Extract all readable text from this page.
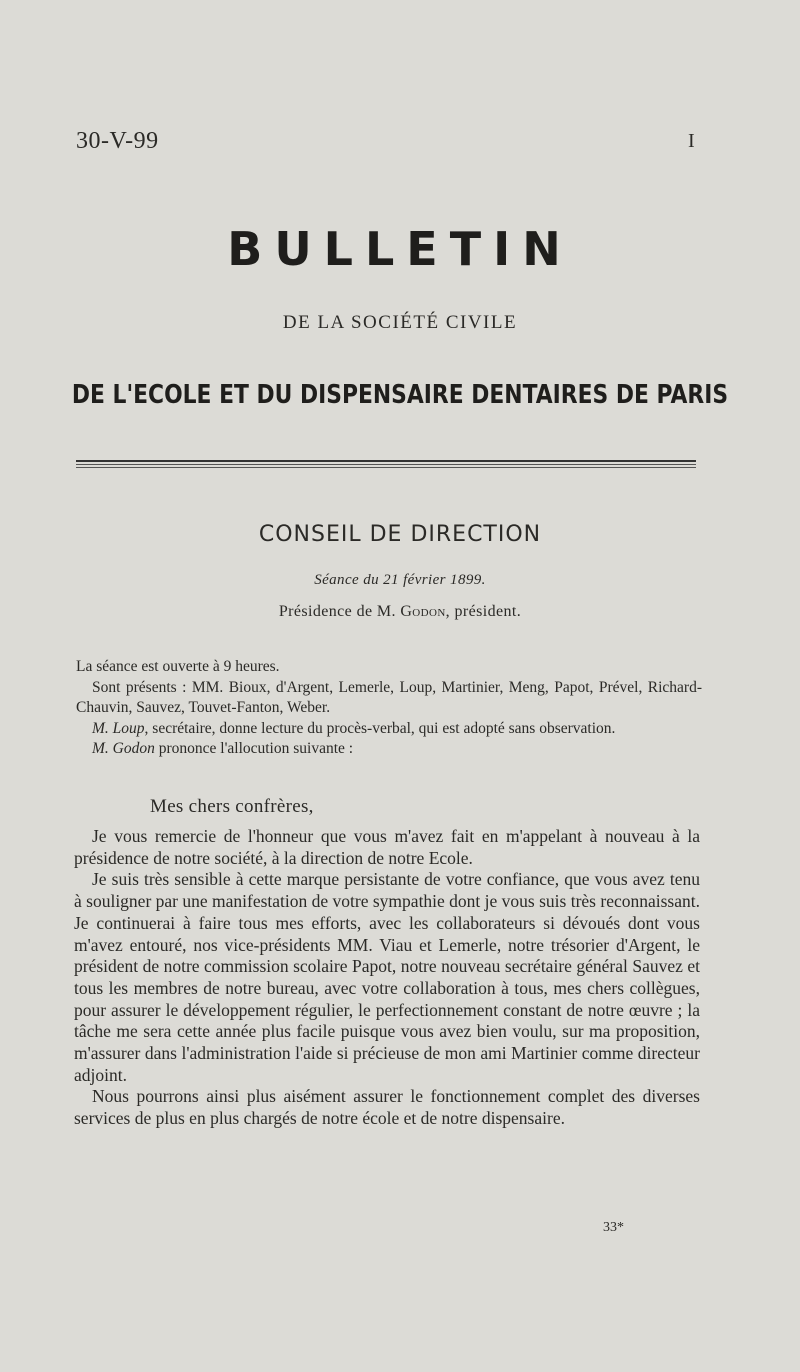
30-V-99	I
BULLETIN
DE LA SOCIÉTÉ CIVILE
DE L'ECOLE ET DU DISPENSAIRE DENTAIRES DE PARIS
CONSEIL DE DIRECTION
Séance du 21 février 1899.
Présidence de M. Godon, président.

La séance est ouverte à 9 heures.

Sont présents : MM. Bioux, d'Argent, Lemerle, Loup, Martinier, Meng, Papot, Prével, Richard-Chauvin, Sauvez, Touvet-Fanton, Weber.

M. Loup, secrétaire, donne lecture du procès-verbal, qui est adopté sans observation.

M. Godon prononce l'allocution suivante :

Mes chers confrères,

Je vous remercie de l'honneur que vous m'avez fait en m'appelant à nouveau à la présidence de notre société, à la direction de notre Ecole.

Je suis très sensible à cette marque persistante de votre confiance, que vous avez tenu à souligner par une manifestation de votre sympathie dont je vous suis très reconnaissant. Je continuerai à faire tous mes efforts, avec les collaborateurs si dévoués dont vous m'avez entouré, nos vice-présidents MM. Viau et Lemerle, notre trésorier d'Argent, le président de notre commission scolaire Papot, notre nouveau secrétaire général Sauvez et tous les membres de notre bureau, avec votre collaboration à tous, mes chers collègues, pour assurer le développement régulier, le perfectionnement constant de notre œuvre ; la tâche me sera cette année plus facile puisque vous avez bien voulu, sur ma proposition, m'assurer dans l'administration l'aide si précieuse de mon ami Martinier comme directeur adjoint.

Nous pourrons ainsi plus aisément assurer le fonctionnement complet des diverses services de plus en plus chargés de notre école et de notre dispensaire.

33*
